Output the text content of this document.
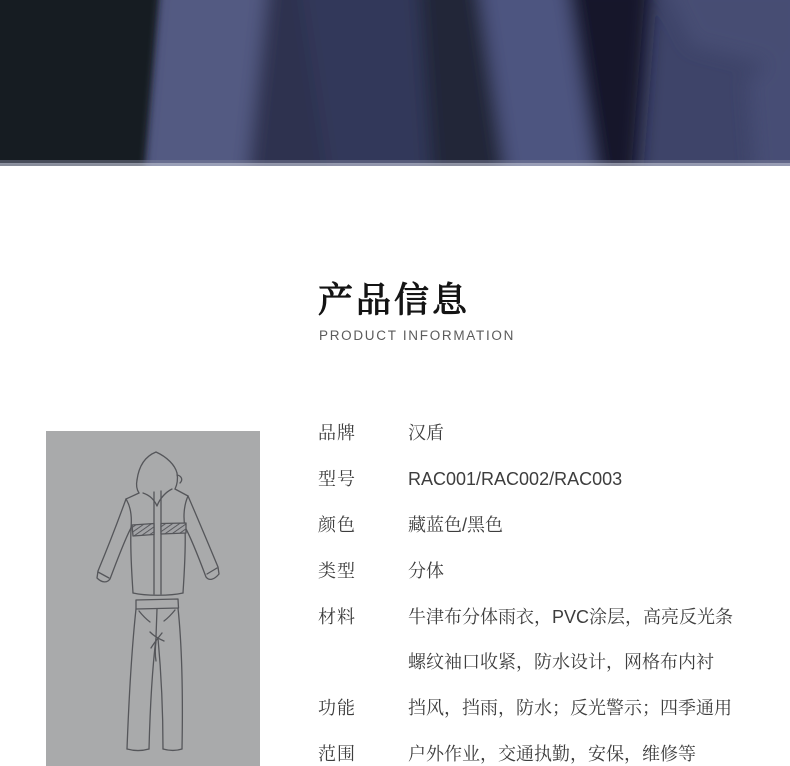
产品信息
PRODUCT INFORMATION
品牌	汉盾
型号	RAC001/RAC002/RAC003
颜色	藏蓝色/黑色
类型	分体
材料	牛津布分体雨衣，PVC涂层，高亮反光条
螺纹袖口收紧，防水设计，网格布内衬
功能	挡风，挡雨，防水；反光警示；四季通用
范围	户外作业，交通执勤，安保，维修等
